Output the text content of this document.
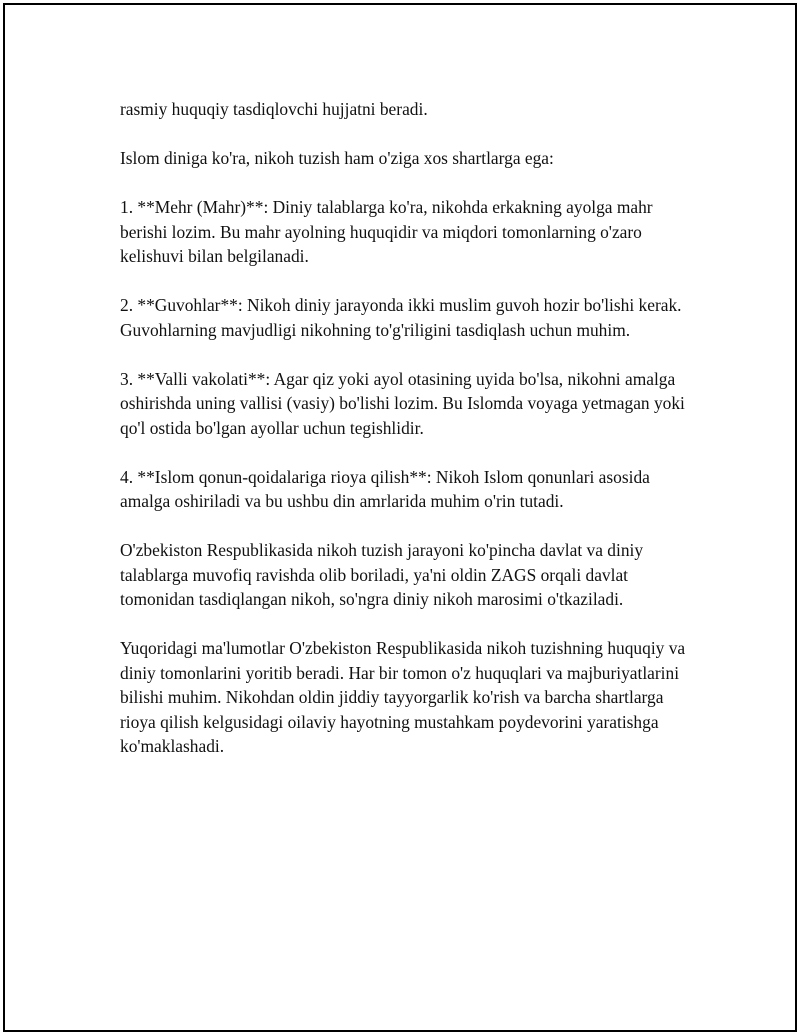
rasmiy huquqiy tasdiqlovchi hujjatni beradi.

Islom diniga ko'ra, nikoh tuzish ham o'ziga xos shartlarga ega:

1. **Mehr (Mahr)**: Diniy talablarga ko'ra, nikohda erkakning ayolga mahr berishi lozim. Bu mahr ayolning huquqidir va miqdori tomonlarning o'zaro kelishuvi bilan belgilanadi.

2. **Guvohlar**: Nikoh diniy jarayonda ikki muslim guvoh hozir bo'lishi kerak. Guvohlarning mavjudligi nikohning to'g'riligini tasdiqlash uchun muhim.

3. **Valli vakolati**: Agar qiz yoki ayol otasining uyida bo'lsa, nikohni amalga oshirishda uning vallisi (vasiy) bo'lishi lozim. Bu Islomda voyaga yetmagan yoki qo'l ostida bo'lgan ayollar uchun tegishlidir.

4. **Islom qonun-qoidalariga rioya qilish**: Nikoh Islom qonunlari asosida amalga oshiriladi va bu ushbu din amrlarida muhim o'rin tutadi.

O'zbekiston Respublikasida nikoh tuzish jarayoni ko'pincha davlat va diniy talablarga muvofiq ravishda olib boriladi, ya'ni oldin ZAGS orqali davlat tomonidan tasdiqlangan nikoh, so'ngra diniy nikoh marosimi o'tkaziladi.

Yuqoridagi ma'lumotlar O'zbekiston Respublikasida nikoh tuzishning huquqiy va diniy tomonlarini yoritib beradi. Har bir tomon o'z huquqlari va majburiyatlarini bilishi muhim. Nikohdan oldin jiddiy tayyorgarlik ko'rish va barcha shartlarga rioya qilish kelgusidagi oilaviy hayotning mustahkam poydevorini yaratishga ko'maklashadi.
